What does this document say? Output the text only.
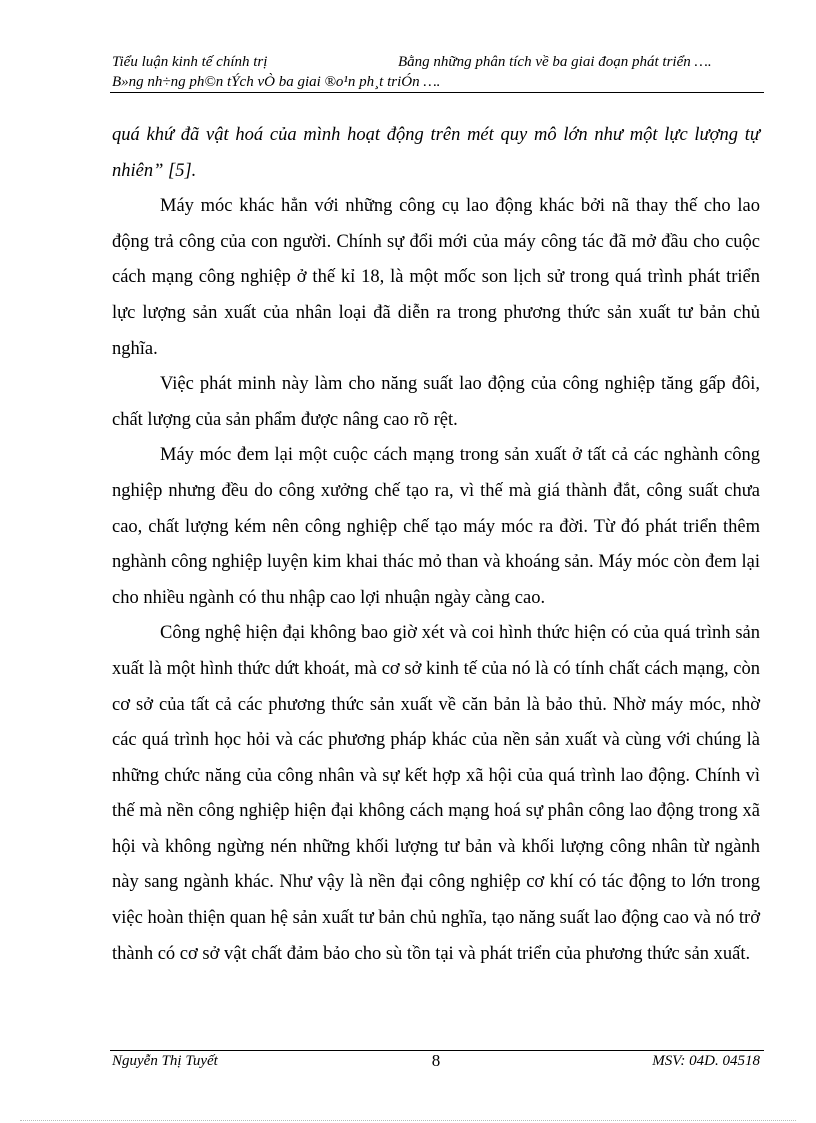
Tiểu luận kinh tế chính trị	Bằng những phân tích về ba giai đoạn phát triển ….
B»ng nh÷ng ph©n tÝch vÒ ba giai ®o¹n ph¸t triÓn ….

quá khứ đã vật hoá của mình hoạt động trên mét quy mô lớn như một lực lượng tự nhiên” [5].

Máy móc khác hẳn với những công cụ lao động khác bởi nã thay thế cho lao động trả công của con người. Chính sự đổi mới của máy công tác đã mở đầu cho cuộc cách mạng công nghiệp ở thế kỉ 18, là một mốc son lịch sử trong quá trình phát triển lực lượng sản xuất của nhân loại đã diễn ra trong phương thức sản xuất tư bản chủ nghĩa.

Việc phát minh này làm cho năng suất lao động của công nghiệp tăng gấp đôi, chất lượng của sản phẩm được nâng cao rõ rệt.

Máy móc đem lại một cuộc cách mạng trong sản xuất ở tất cả các nghành công nghiệp nhưng đều do công xưởng chế tạo ra, vì thế mà giá thành đắt, công suất chưa cao, chất lượng kém nên công nghiệp chế tạo máy móc ra đời. Từ đó phát triển thêm nghành công nghiệp luyện kim khai thác mỏ than và khoáng sản. Máy móc còn đem lại cho nhiều ngành có thu nhập cao lợi nhuận ngày càng cao.

Công nghệ hiện đại không bao giờ xét và coi hình thức hiện có của quá trình sản xuất là một hình thức dứt khoát, mà cơ sở kinh tế của nó là có tính chất cách mạng, còn cơ sở của tất cả các phương thức sản xuất về căn bản là bảo thủ. Nhờ máy móc, nhờ các quá trình học hỏi và các phương pháp khác của nền sản xuất và cùng với chúng là những chức năng của công nhân và sự kết hợp xã hội của quá trình lao động. Chính vì thế mà nền công nghiệp hiện đại không cách mạng hoá sự phân công lao động trong xã hội và không ngừng nén những khối lượng tư bản và khối lượng công nhân từ ngành này sang ngành khác. Như vậy là nền đại công nghiệp cơ khí có tác động to lớn trong việc hoàn thiện quan hệ sản xuất tư bản chủ nghĩa, tạo năng suất lao động cao và nó trở thành có cơ sở vật chất đảm bảo cho sù tồn tại và phát triển của phương thức sản xuất.

Nguyễn Thị Tuyết	8	MSV: 04D. 04518
